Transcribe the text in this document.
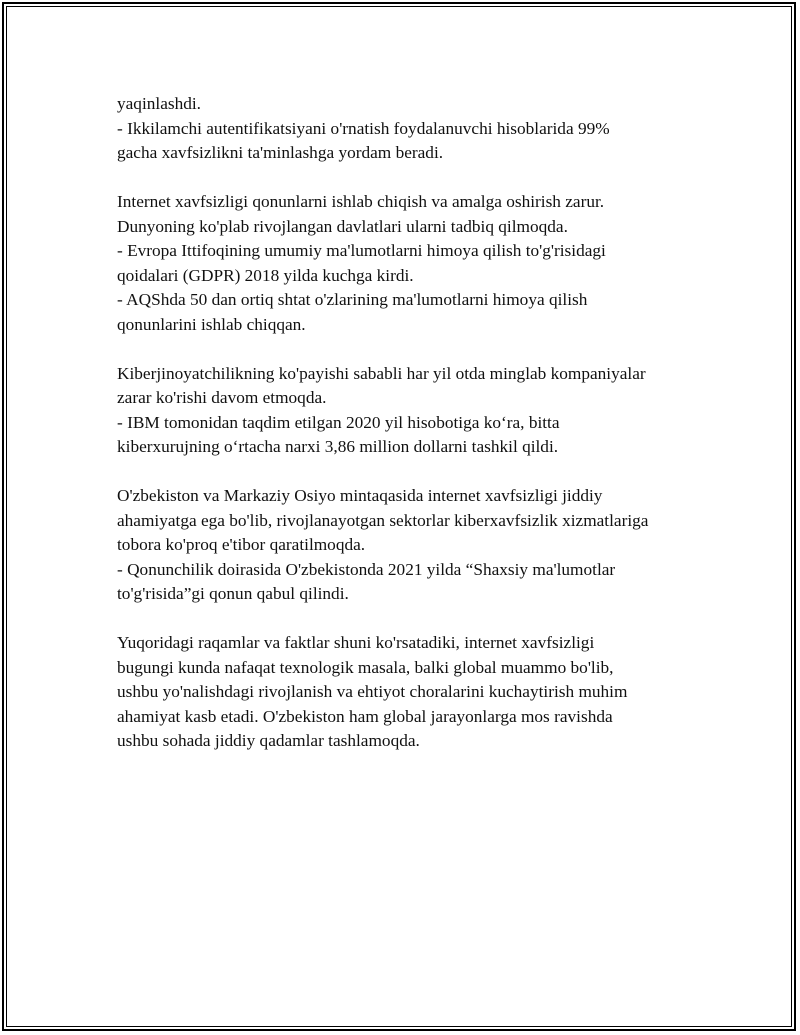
yaqinlashdi.
- Ikkilamchi autentifikatsiyani o'rnatish foydalanuvchi hisoblarida 99%
gacha xavfsizlikni ta'minlashga yordam beradi.

Internet xavfsizligi qonunlarni ishlab chiqish va amalga oshirish zarur.
Dunyoning ko'plab rivojlangan davlatlari ularni tadbiq qilmoqda.
- Evropa Ittifoqining umumiy ma'lumotlarni himoya qilish to'g'risidagi
qoidalari (GDPR) 2018 yilda kuchga kirdi.
- AQShda 50 dan ortiq shtat o'zlarining ma'lumotlarni himoya qilish
qonunlarini ishlab chiqqan.

Kiberjinoyatchilikning ko'payishi sababli har yil otda minglab kompaniyalar
zarar ko'rishi davom etmoqda.
- IBM tomonidan taqdim etilgan 2020 yil hisobotiga ko‘ra, bitta
kiberxurujning o‘rtacha narxi 3,86 million dollarni tashkil qildi.

O'zbekiston va Markaziy Osiyo mintaqasida internet xavfsizligi jiddiy
ahamiyatga ega bo'lib, rivojlanayotgan sektorlar kiberxavfsizlik xizmatlariga
tobora ko'proq e'tibor qaratilmoqda.
- Qonunchilik doirasida O'zbekistonda 2021 yilda “Shaxsiy ma'lumotlar
to'g'risida”gi qonun qabul qilindi.

Yuqoridagi raqamlar va faktlar shuni ko'rsatadiki, internet xavfsizligi
bugungi kunda nafaqat texnologik masala, balki global muammo bo'lib,
ushbu yo'nalishdagi rivojlanish va ehtiyot choralarini kuchaytirish muhim
ahamiyat kasb etadi. O'zbekiston ham global jarayonlarga mos ravishda
ushbu sohada jiddiy qadamlar tashlamoqda.
